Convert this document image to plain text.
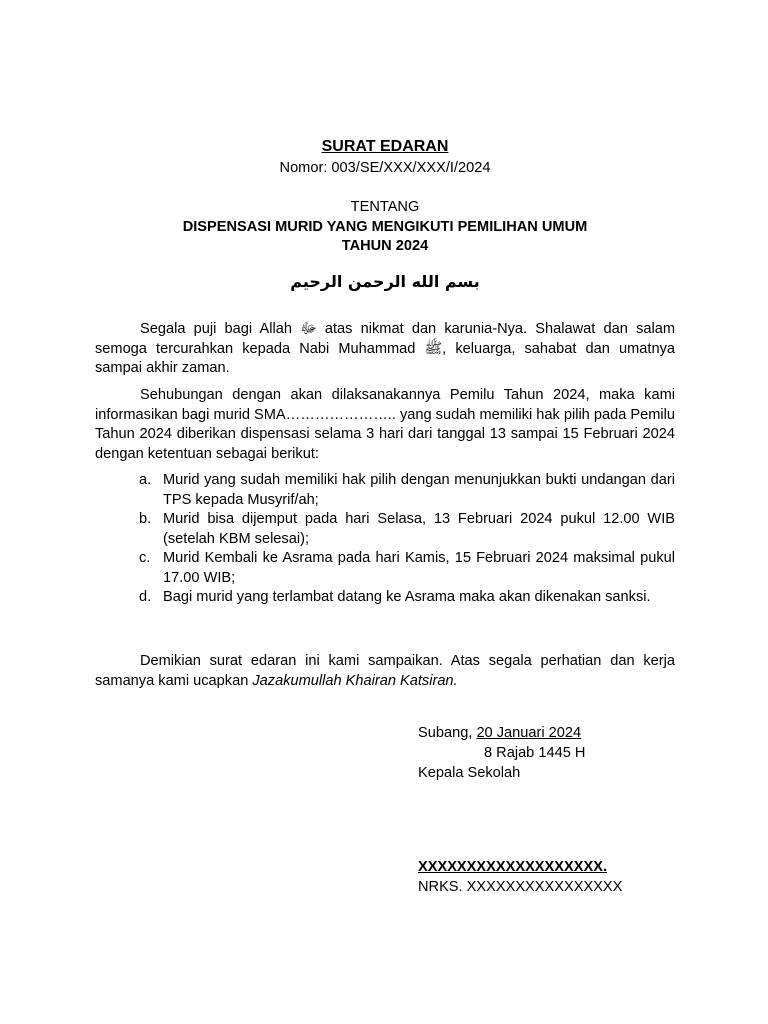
SURAT EDARAN
Nomor: 003/SE/XXX/XXX/I/2024
TENTANG
DISPENSASI MURID YANG MENGIKUTI PEMILIHAN UMUM
TAHUN 2024
بسم الله الرحمن الرحيم

Segala puji bagi Allah ﷻ atas nikmat dan karunia-Nya. Shalawat dan salam semoga tercurahkan kepada Nabi Muhammad ﷺ, keluarga, sahabat dan umatnya sampai akhir zaman.

Sehubungan dengan akan dilaksanakannya Pemilu Tahun 2024, maka kami informasikan bagi murid SMA………………….. yang sudah memiliki hak pilih pada Pemilu Tahun 2024 diberikan dispensasi selama 3 hari dari tanggal 13 sampai 15 Februari 2024 dengan ketentuan sebagai berikut:

a. Murid yang sudah memiliki hak pilih dengan menunjukkan bukti undangan dari TPS kepada Musyrif/ah;
b. Murid bisa dijemput pada hari Selasa, 13 Februari 2024 pukul 12.00 WIB (setelah KBM selesai);
c. Murid Kembali ke Asrama pada hari Kamis, 15 Februari 2024 maksimal pukul 17.00 WIB;
d. Bagi murid yang terlambat datang ke Asrama maka akan dikenakan sanksi.

Demikian surat edaran ini kami sampaikan. Atas segala perhatian dan kerja samanya kami ucapkan Jazakumullah Khairan Katsiran.

Subang, 20 Januari 2024
8 Rajab 1445 H
Kepala Sekolah
XXXXXXXXXXXXXXXXXXX.
NRKS. XXXXXXXXXXXXXXXX
